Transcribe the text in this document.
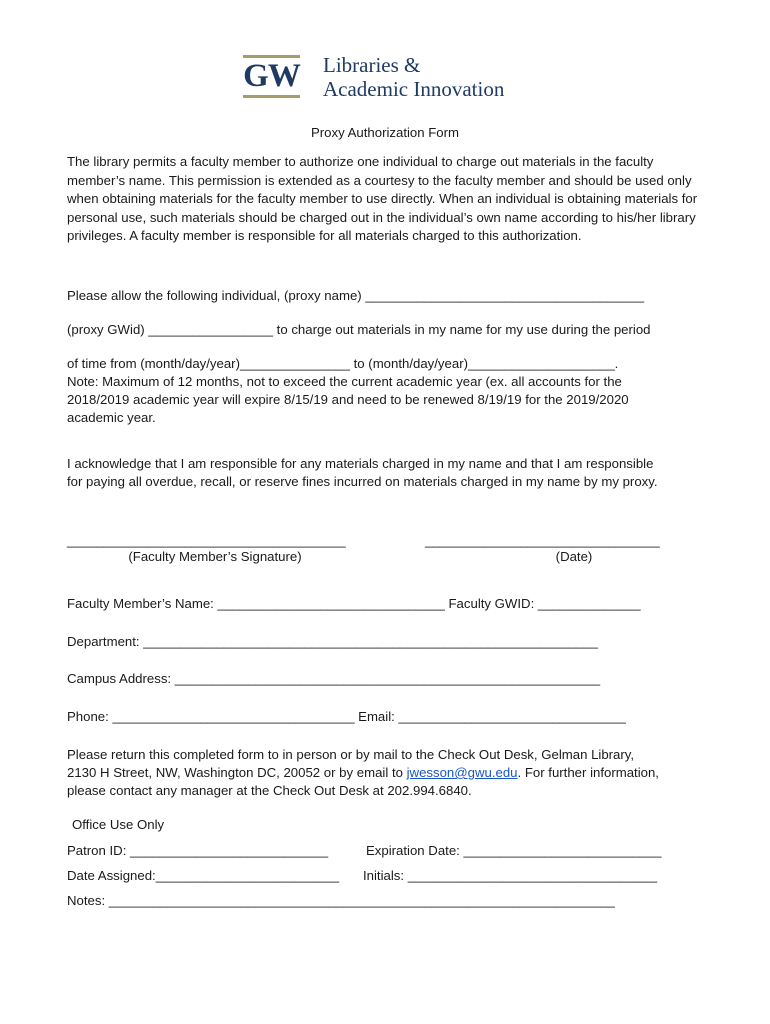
GW Libraries &
Academic Innovation
Proxy Authorization Form
The library permits a faculty member to authorize one individual to charge out materials in the faculty member’s name. This permission is extended as a courtesy to the faculty member and should be used only when obtaining materials for the faculty member to use directly. When an individual is obtaining materials for personal use, such materials should be charged out in the individual’s own name according to his/her library privileges. A faculty member is responsible for all materials charged to this authorization.
Please allow the following individual, (proxy name) ______________________________________
(proxy GWid) _________________ to charge out materials in my name for my use during the period
of time from (month/day/year)_______________ to (month/day/year)____________________.
Note: Maximum of 12 months, not to exceed the current academic year (ex. all accounts for the
2018/2019 academic year will expire 8/15/19 and need to be renewed 8/19/19 for the 2019/2020
academic year.
I acknowledge that I am responsible for any materials charged in my name and that I am responsible
for paying all overdue, recall, or reserve fines incurred on materials charged in my name by my proxy.
______________________________________
(Faculty Member’s Signature)
________________________________
(Date)
Faculty Member’s Name: _______________________________ Faculty GWID: ______________
Department: ______________________________________________________________
Campus Address: __________________________________________________________
Phone: _________________________________ Email: _______________________________
Please return this completed form to in person or by mail to the Check Out Desk, Gelman Library,
2130 H Street, NW, Washington DC, 20052 or by email to jwesson@gwu.edu. For further information,
please contact any manager at the Check Out Desk at 202.994.6840.
Office Use Only
Patron ID: ___________________________	Expiration Date: ___________________________
Date Assigned:_________________________ Initials: __________________________________
Notes: _____________________________________________________________________
